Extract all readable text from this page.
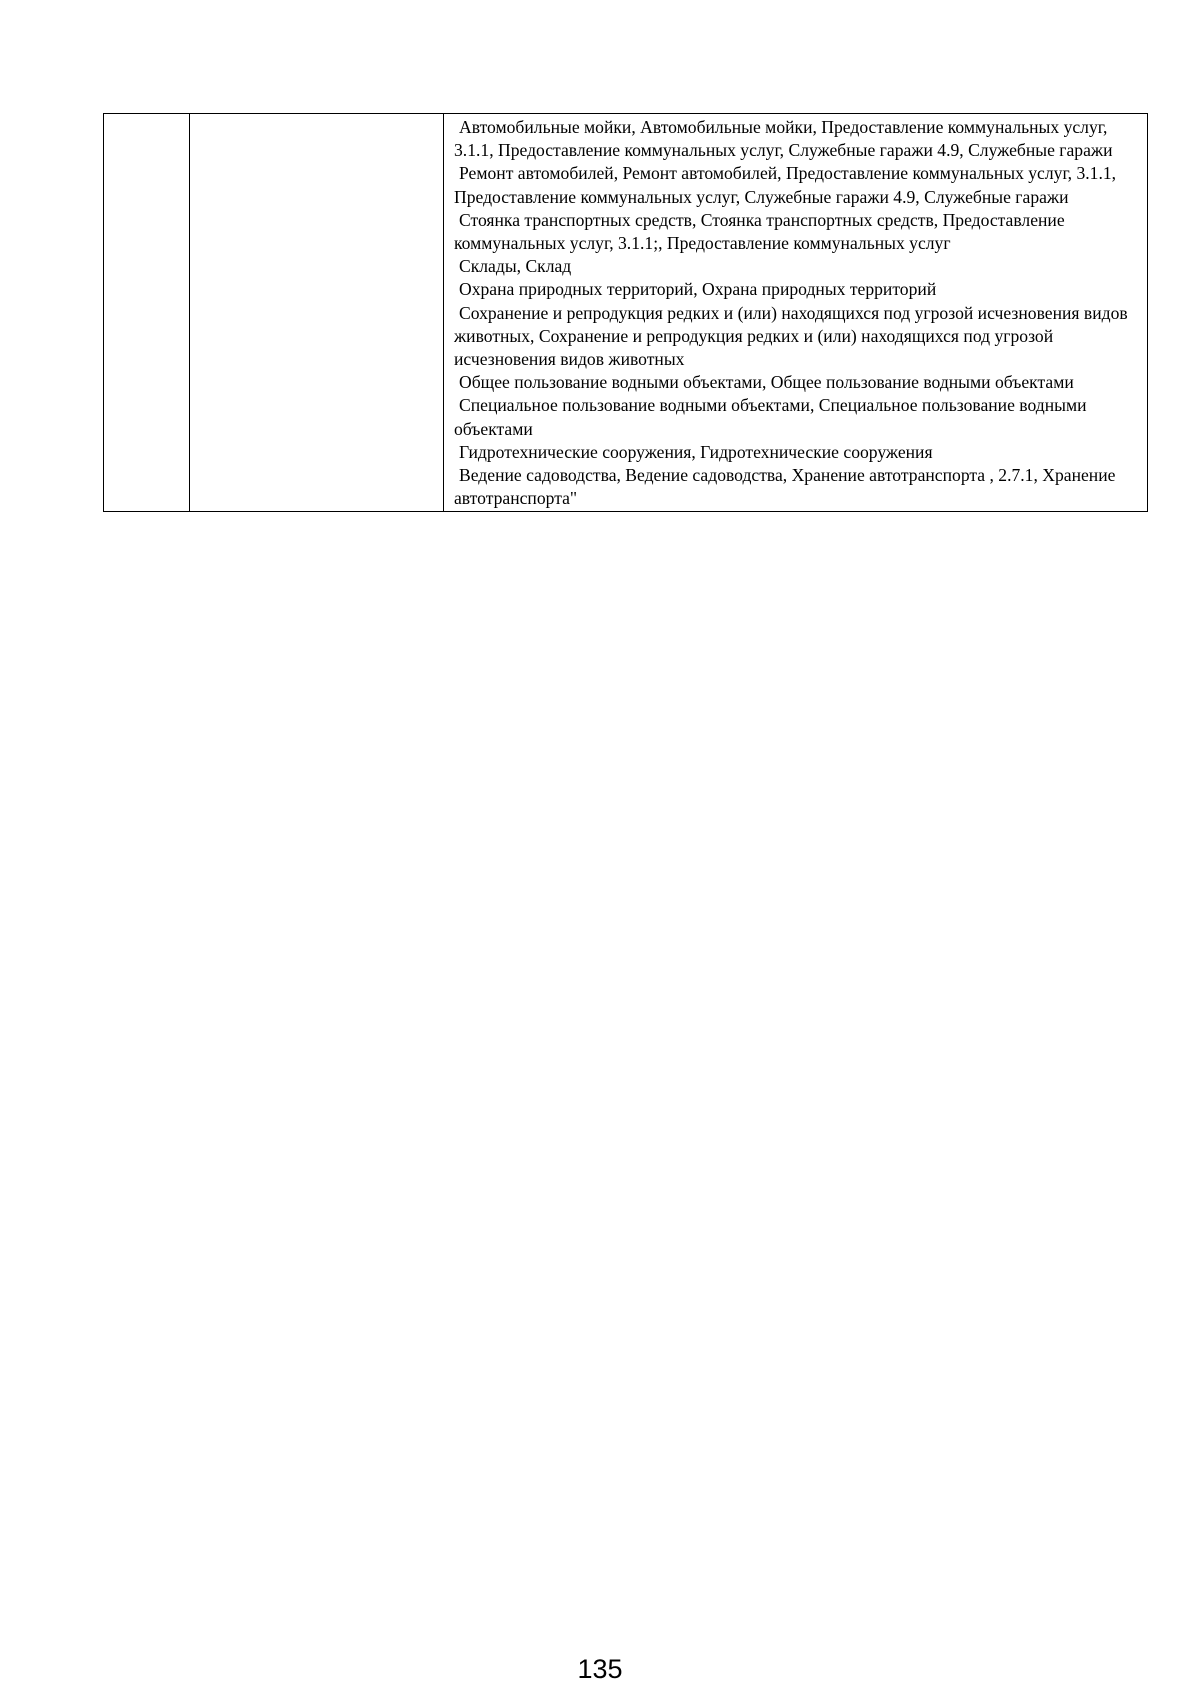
Автомобильные мойки, Автомобильные мойки, Предоставление коммунальных услуг, 3.1.1, Предоставление коммунальных услуг, Служебные гаражи 4.9, Служебные гаражи
Ремонт автомобилей, Ремонт автомобилей, Предоставление коммунальных услуг, 3.1.1, Предоставление коммунальных услуг, Служебные гаражи 4.9, Служебные гаражи
Стоянка транспортных средств, Стоянка транспортных средств, Предоставление коммунальных услуг, 3.1.1;, Предоставление коммунальных услуг
Склады, Склад
Охрана природных территорий, Охрана природных территорий
Сохранение и репродукция редких и (или) находящихся под угрозой исчезновения видов животных, Сохранение и репродукция редких и (или) находящихся под угрозой исчезновения видов животных
Общее пользование водными объектами, Общее пользование водными объектами
Специальное пользование водными объектами, Специальное пользование водными объектами
Гидротехнические сооружения, Гидротехнические сооружения
Ведение садоводства, Ведение садоводства, Хранение автотранспорта , 2.7.1, Хранение автотранспорта"
135
